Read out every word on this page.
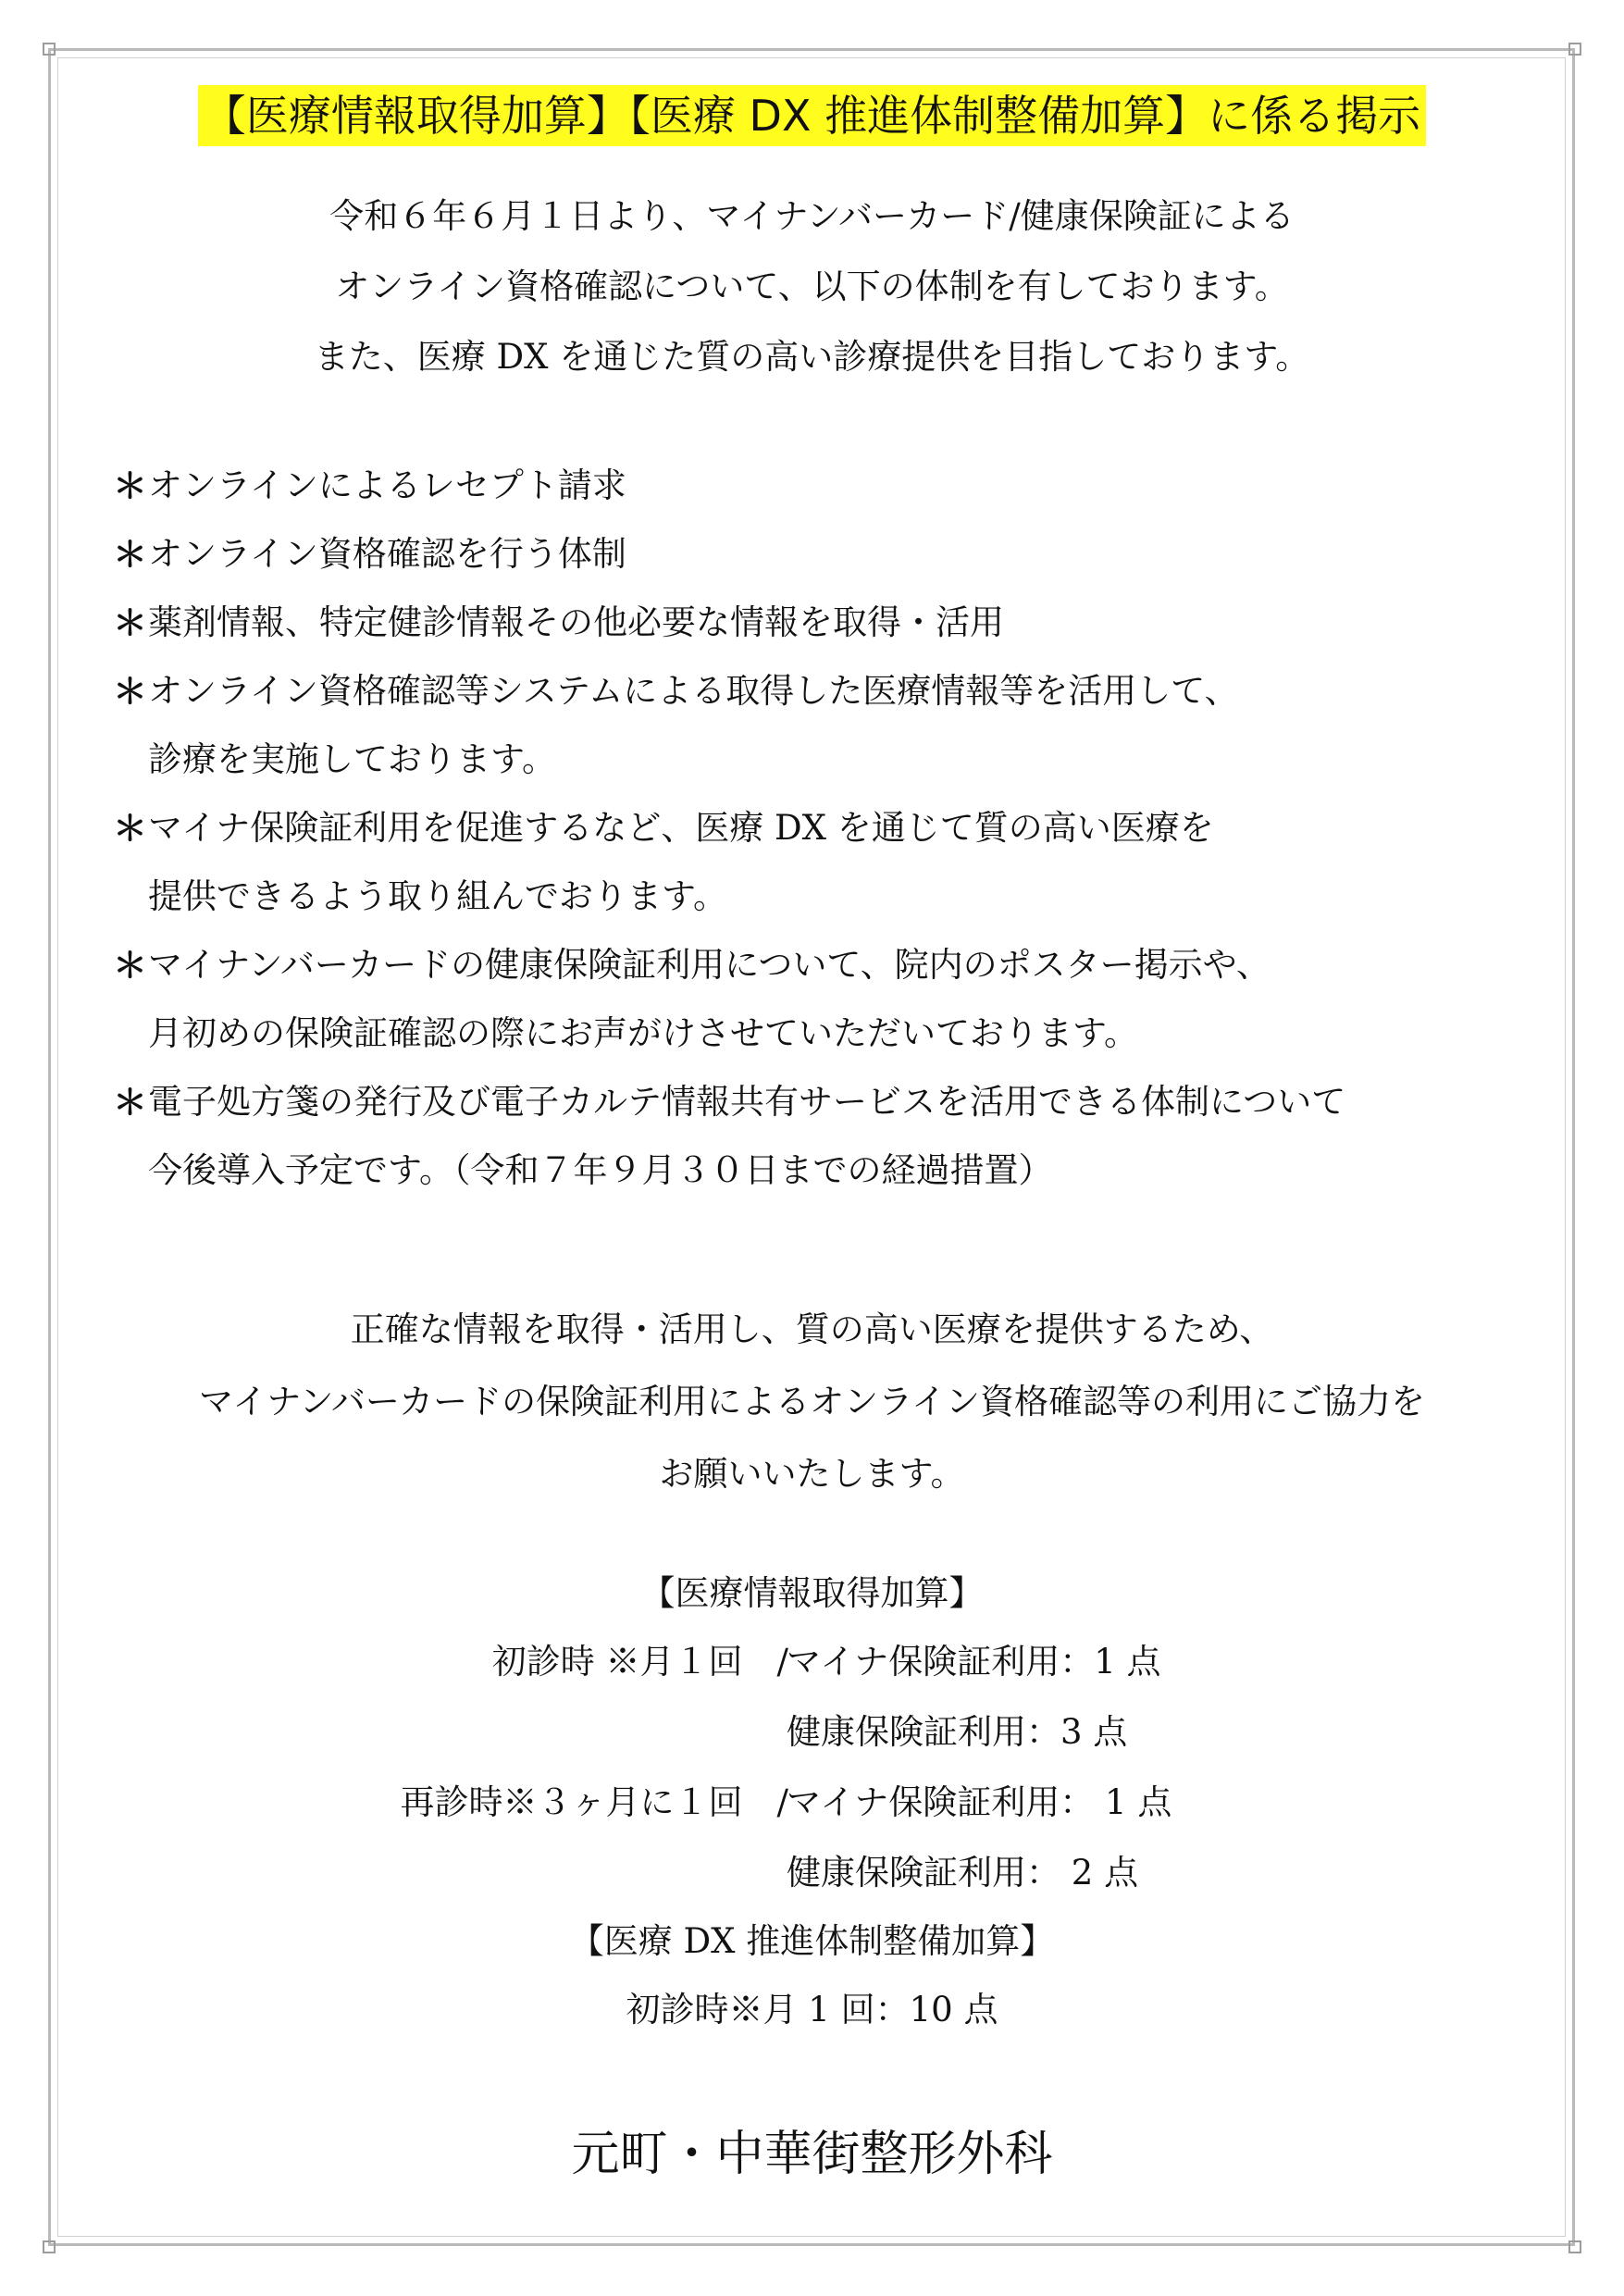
【医療情報取得加算】【医療 DX 推進体制整備加算】に係る掲示
令和６年６月１日より、マイナンバーカード/健康保険証による
オンライン資格確認について、以下の体制を有しております。
また、医療 DX を通じた質の高い診療提供を目指しております。
＊ オンラインによるレセプト請求
＊ オンライン資格確認を行う体制
＊ 薬剤情報、特定健診情報その他必要な情報を取得・活用
＊ オンライン資格確認等システムによる取得した医療情報等を活用して、
診療を実施しております。
＊ マイナ保険証利用を促進するなど、医療 DX を通じて質の高い医療を
提供できるよう取り組んでおります。
＊ マイナンバーカードの健康保険証利用について、院内のポスター掲示や、
月初めの保険証確認の際にお声がけさせていただいております。
＊ 電子処方箋の発行及び電子カルテ情報共有サービスを活用できる体制について
今後導入予定です。（令和７年９月３０日までの経過措置）
正確な情報を取得・活用し、質の高い医療を提供するため、
マイナンバーカードの保険証利用によるオンライン資格確認等の利用にご協力を
お願いいたします。
【医療情報取得加算】
初診時 ※月１回　/
マイナ保険証利用：1 点
健康保険証利用：3 点
再診時※３ヶ月に１回　/
マイナ保険証利用： 1 点
健康保険証利用： 2 点
【医療 DX 推進体制整備加算】
初診時※月 1 回：10 点
元町・中華街整形外科
